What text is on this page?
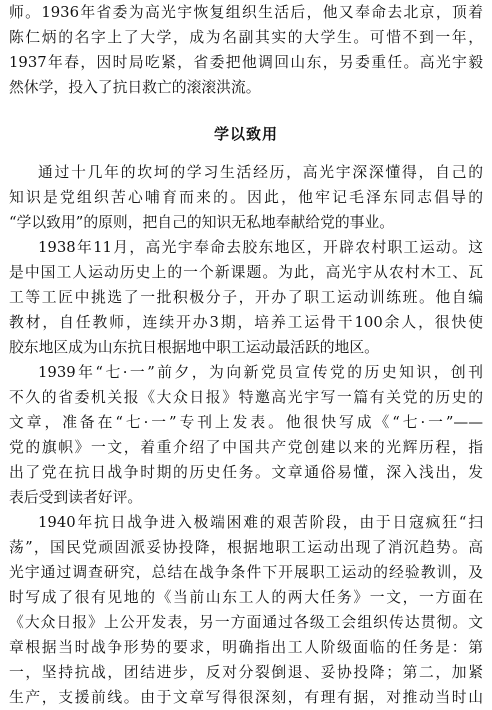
师。1936年省委为高光宇恢复组织生活后，他又奉命去北京，顶着
陈仁炳的名字上了大学，成为名副其实的大学生。可惜不到一年，
1937年春，因时局吃紧，省委把他调回山东，另委重任。高光宇毅
然休学，投入了抗日救亡的滚滚洪流。
学以致用
通过十几年的坎坷的学习生活经历，高光宇深深懂得，自己的
知识是党组织苦心哺育而来的。因此，他牢记毛泽东同志倡导的
“学以致用”的原则，把自己的知识无私地奉献给党的事业。
1938年11月，高光宇奉命去胶东地区，开辟农村职工运动。这
是中国工人运动历史上的一个新课题。为此，高光宇从农村木工、瓦
工等工匠中挑选了一批积极分子，开办了职工运动训练班。他自编
教材，自任教师，连续开办3期，培养工运骨干100余人，很快使
胶东地区成为山东抗日根据地中职工运动最活跃的地区。
1939年“七·一”前夕，为向新党员宣传党的历史知识，创刊
不久的省委机关报《大众日报》特邀高光宇写一篇有关党的历史的
文章，准备在“七·一”专刊上发表。他很快写成《“七·一”——
党的旗帜》一文，着重介绍了中国共产党创建以来的光辉历程，指
出了党在抗日战争时期的历史任务。文章通俗易懂，深入浅出，发
表后受到读者好评。
1940年抗日战争进入极端困难的艰苦阶段，由于日寇疯狂“扫
荡”，国民党顽固派妥协投降，根据地职工运动出现了消沉趋势。高
光宇通过调查研究，总结在战争条件下开展职工运动的经验教训，及
时写成了很有见地的《当前山东工人的两大任务》一文，一方面在
《大众日报》上公开发表，另一方面通过各级工会组织传达贯彻。文
章根据当时战争形势的要求，明确指出工人阶级面临的任务是：第
一，坚持抗战，团结进步，反对分裂倒退、妥协投降；第二，加紧
生产，支援前线。由于文章写得很深刻，有理有据，对推动当时山
